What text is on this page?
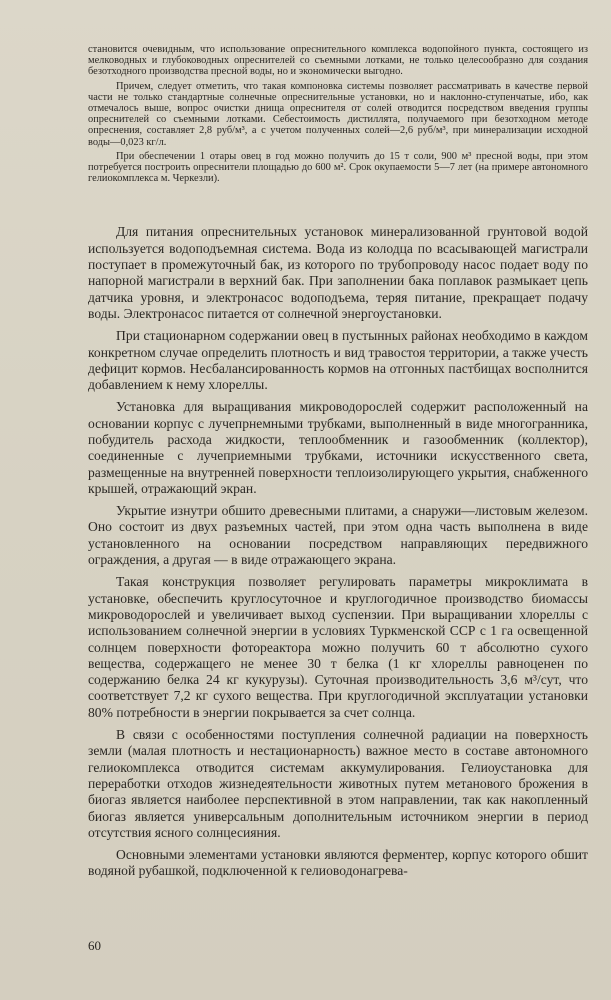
становится очевидным, что использование опреснительного комплекса водопойного пункта, состоящего из мелководных и глубоководных опреснителей со съемными лотками, не только целесообразно для создания безотходного производства пресной воды, но и экономически выгодно.

Причем, следует отметить, что такая компоновка системы позволяет рассматривать в качестве первой части не только стандартные солнечные опреснительные установки, но и наклонно-ступенчатые, ибо, как отмечалось выше, вопрос очистки днища опреснителя от солей отводится посредством введения группы опреснителей со съемными лотками. Себестоимость дистиллята, получаемого при безотходном методе опреснения, составляет 2,8 руб/м³, а с учетом полученных солей—2,6 руб/м³, при минерализации исходной воды—0,023 кг/л.

При обеспечении 1 отары овец в год можно получить до 15 т соли, 900 м³ пресной воды, при этом потребуется построить опреснители площадью до 600 м². Срок окупаемости 5—7 лет (на примере автономного гелиокомплекса м. Черкезли).

Для питания опреснительных установок минерализованной грунтовой водой используется водоподъемная система. Вода из колодца по всасывающей магистрали поступает в промежуточный бак, из которого по трубопроводу насос подает воду по напорной магистрали в верхний бак. При заполнении бака поплавок размыкает цепь датчика уровня, и электронасос водоподъема, теряя питание, прекращает подачу воды. Электронасос питается от солнечной энергоустановки.

При стационарном содержании овец в пустынных районах необходимо в каждом конкретном случае определить плотность и вид травостоя территории, а также учесть дефицит кормов. Несбалансированность кормов на отгонных пастбищах восполнится добавлением к нему хлореллы.

Установка для выращивания микроводорослей содержит расположенный на основании корпус с лучепрнемными трубками, выполненный в виде многогранника, побудитель расхода жидкости, теплообменник и газообменник (коллектор), соединенные с лучеприемными трубками, источники искусственного света, размещенные на внутренней поверхности теплоизолирующего укрытия, снабженного крышей, отражающий экран.

Укрытие изнутри обшито древесными плитами, а снаружи—листовым железом. Оно состоит из двух разъемных частей, при этом одна часть выполнена в виде установленного на основании посредством направляющих передвижного ограждения, а другая — в виде отражающего экрана.

Такая конструкция позволяет регулировать параметры микроклимата в установке, обеспечить круглосуточное и круглогодичное производство биомассы микроводорослей и увеличивает выход суспензии. При выращивании хлореллы с использованием солнечной энергии в условиях Туркменской ССР с 1 га освещенной солнцем поверхности фотореактора можно получить 60 т абсолютно сухого вещества, содержащего не менее 30 т белка (1 кг хлореллы равноценен по содержанию белка 24 кг кукурузы). Суточная производительность 3,6 м³/сут, что соответствует 7,2 кг сухого вещества. При круглогодичной эксплуатации установки 80% потребности в энергии покрывается за счет солнца.

В связи с особенностями поступления солнечной радиации на поверхность земли (малая плотность и нестационарность) важное место в составе автономного гелиокомплекса отводится системам аккумулирования. Гелиоустановка для переработки отходов жизнедеятельности животных путем метанового брожения в биогаз является наиболее перспективной в этом направлении, так как накопленный биогаз является универсальным дополнительным источником энергии в период отсутствия ясного солнцесияния.

Основными элементами установки являются ферментер, корпус которого обшит водяной рубашкой, подключенной к гелиоводонагрева-

60
